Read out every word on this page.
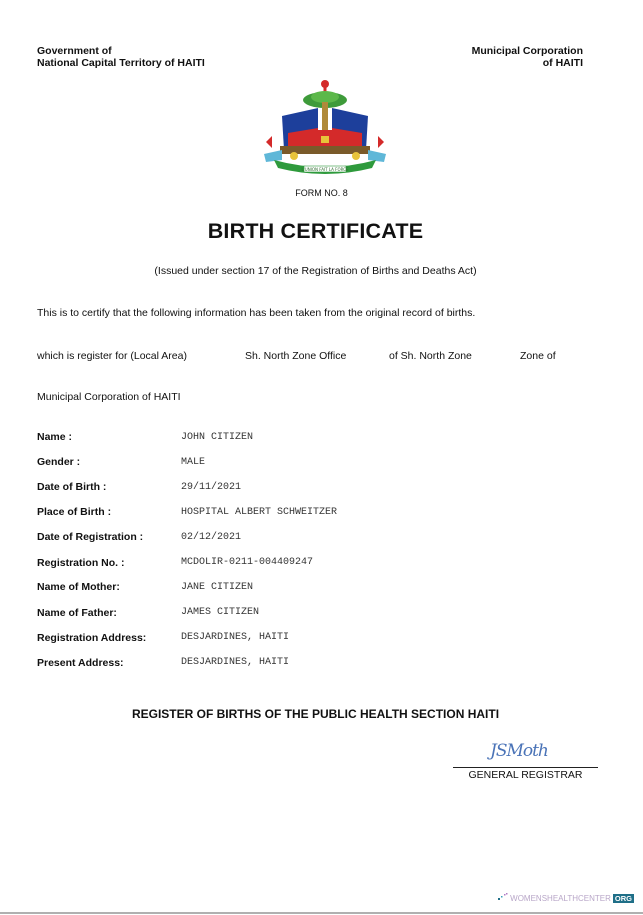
Government of
National Capital Territory of HAITI
Municipal Corporation
of HAITI
L'UNION FAIT LA FORCE
FORM NO. 8
BIRTH CERTIFICATE
(Issued under section 17 of the Registration of Births and Deaths Act)
This is to certify that the following information has been taken from the original record of births.
which is register for (Local Area)	Sh. North Zone Office	of Sh. North Zone	Zone of
Municipal Corporation of HAITI
Name :	JOHN CITIZEN
Gender :	MALE
Date of Birth :	29/11/2021
Place of Birth :	HOSPITAL ALBERT SCHWEITZER
Date of Registration :	02/12/2021
Registration No. :	MCDOLIR-0211-004409247
Name of Mother:	JANE CITIZEN
Name of Father:	JAMES CITIZEN
Registration Address:	DESJARDINES, HAITI
Present Address:	DESJARDINES, HAITI
REGISTER OF BIRTHS OF THE PUBLIC HEALTH SECTION HAITI
JSMoth
GENERAL REGISTRAR
WOMENSHEALTHCENTER ORG
